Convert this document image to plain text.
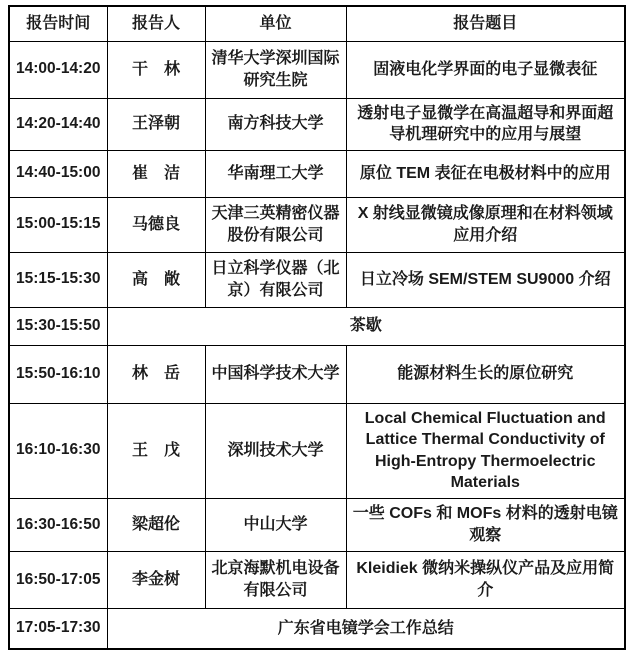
报告时间	报告人	单位	报告题目
14:00-14:20	干　林	清华大学深圳国际研究生院	固液电化学界面的电子显微表征
14:20-14:40	王泽朝	南方科技大学	透射电子显微学在高温超导和界面超导机理研究中的应用与展望
14:40-15:00	崔　洁	华南理工大学	原位 TEM 表征在电极材料中的应用
15:00-15:15	马德良	天津三英精密仪器股份有限公司	X 射线显微镜成像原理和在材料领域应用介绍
15:15-15:30	高　敞	日立科学仪器（北京）有限公司	日立冷场 SEM/STEM SU9000 介绍
15:30-15:50	茶歇		
15:50-16:10	林　岳	中国科学技术大学	能源材料生长的原位研究
16:10-16:30	王　戊	深圳技术大学	Local Chemical Fluctuation and Lattice Thermal Conductivity of High-Entropy Thermoelectric Materials
16:30-16:50	梁超伦	中山大学	一些 COFs 和 MOFs 材料的透射电镜观察
16:50-17:05	李金树	北京海默机电设备有限公司	Kleidiek 微纳米操纵仪产品及应用简介
17:05-17:30	广东省电镜学会工作总结		
